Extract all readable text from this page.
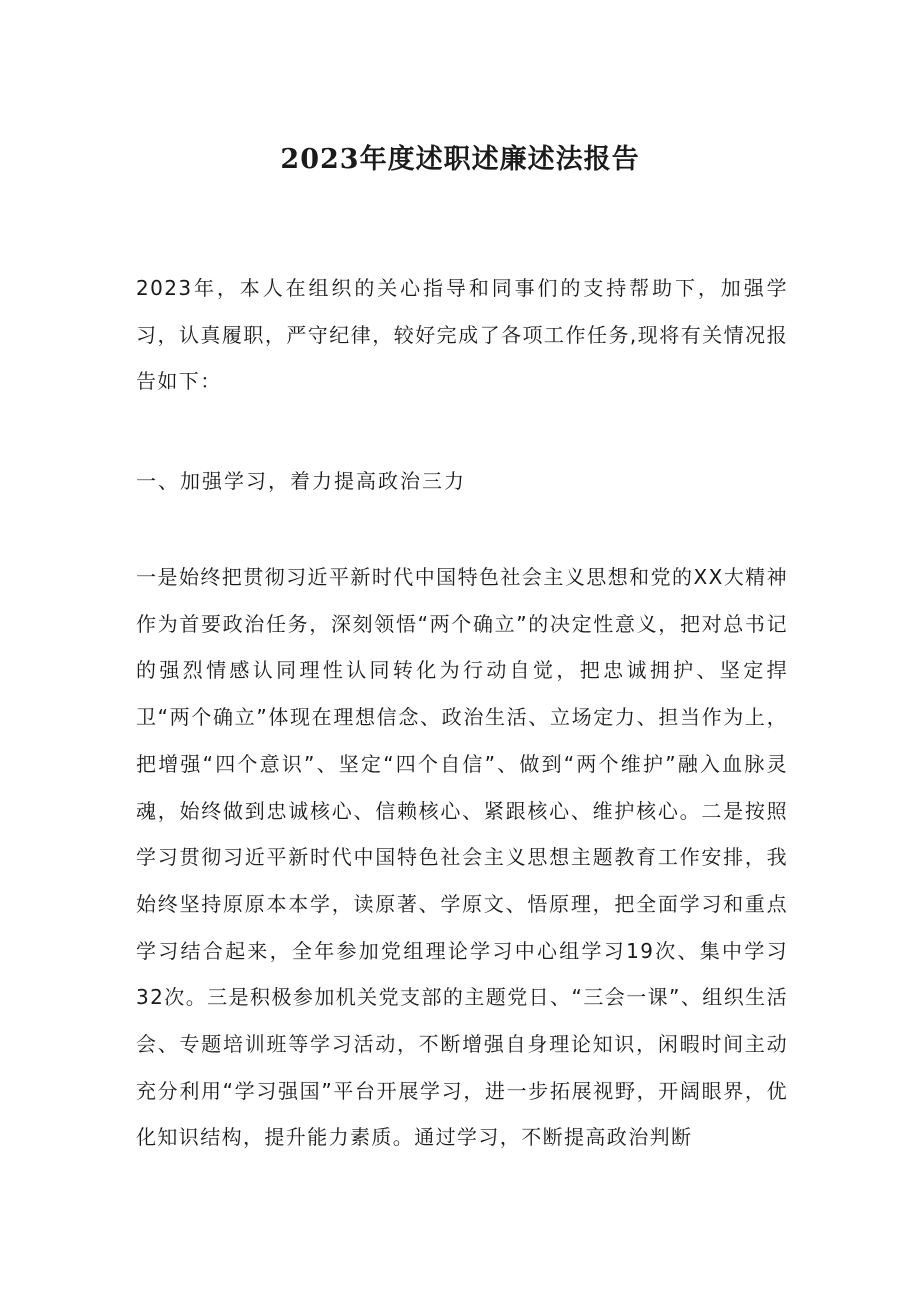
2023年度述职述廉述法报告

2023年，本人在组织的关心指导和同事们的支持帮助下，加强学习，认真履职，严守纪律，较好完成了各项工作任务,现将有关情况报告如下：

一、加强学习，着力提高政治三力

一是始终把贯彻习近平新时代中国特色社会主义思想和党的XX大精神作为首要政治任务，深刻领悟“两个确立”的决定性意义，把对总书记的强烈情感认同理性认同转化为行动自觉，把忠诚拥护、坚定捍卫“两个确立”体现在理想信念、政治生活、立场定力、担当作为上，把增强“四个意识”、坚定“四个自信”、做到“两个维护”融入血脉灵魂，始终做到忠诚核心、信赖核心、紧跟核心、维护核心。二是按照学习贯彻习近平新时代中国特色社会主义思想主题教育工作安排，我始终坚持原原本本学，读原著、学原文、悟原理，把全面学习和重点学习结合起来，全年参加党组理论学习中心组学习19次、集中学习32次。三是积极参加机关党支部的主题党日、“三会一课”、组织生活会、专题培训班等学习活动，不断增强自身理论知识，闲暇时间主动充分利用“学习强国”平台开展学习，进一步拓展视野，开阔眼界，优化知识结构，提升能力素质。通过学习，不断提高政治判断
